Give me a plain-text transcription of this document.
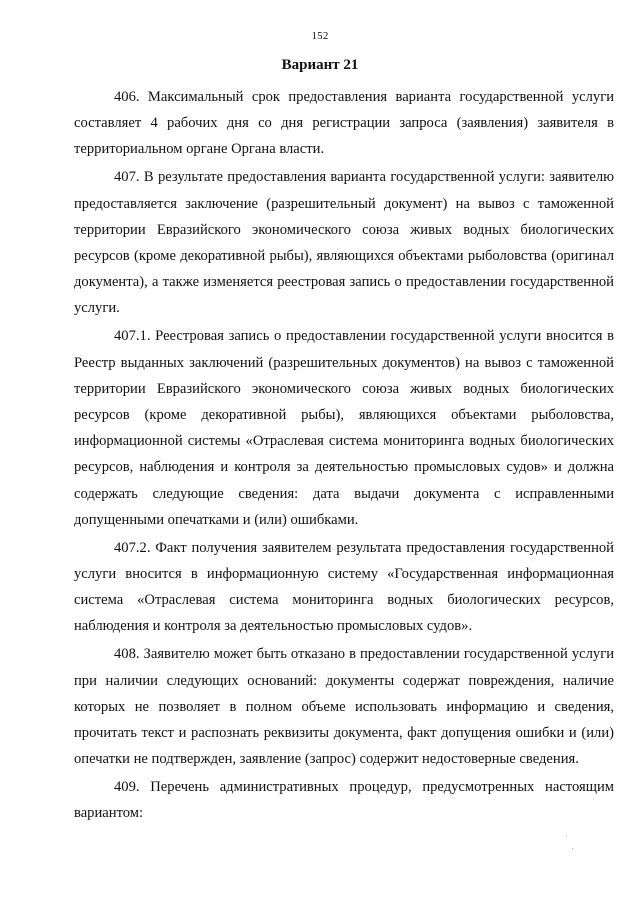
152
Вариант 21

406. Максимальный срок предоставления варианта государственной услуги составляет 4 рабочих дня со дня регистрации запроса (заявления) заявителя в территориальном органе Органа власти.

407. В результате предоставления варианта государственной услуги: заявителю предоставляется заключение (разрешительный документ) на вывоз с таможенной территории Евразийского экономического союза живых водных биологических ресурсов (кроме декоративной рыбы), являющихся объектами рыболовства (оригинал документа), а также изменяется реестровая запись о предоставлении государственной услуги.

407.1. Реестровая запись о предоставлении государственной услуги вносится в Реестр выданных заключений (разрешительных документов) на вывоз с таможенной территории Евразийского экономического союза живых водных биологических ресурсов (кроме декоративной рыбы), являющихся объектами рыболовства, информационной системы «Отраслевая система мониторинга водных биологических ресурсов, наблюдения и контроля за деятельностью промысловых судов» и должна содержать следующие сведения: дата выдачи документа с исправленными допущенными опечатками и (или) ошибками.

407.2. Факт получения заявителем результата предоставления государственной услуги вносится в информационную систему «Государственная информационная система «Отраслевая система мониторинга водных биологических ресурсов, наблюдения и контроля за деятельностью промысловых судов».

408. Заявителю может быть отказано в предоставлении государственной услуги при наличии следующих оснований: документы содержат повреждения, наличие которых не позволяет в полном объеме использовать информацию и сведения, прочитать текст и распознать реквизиты документа, факт допущения ошибки и (или) опечатки не подтвержден, заявление (запрос) содержит недостоверные сведения.

409. Перечень административных процедур, предусмотренных настоящим вариантом:
